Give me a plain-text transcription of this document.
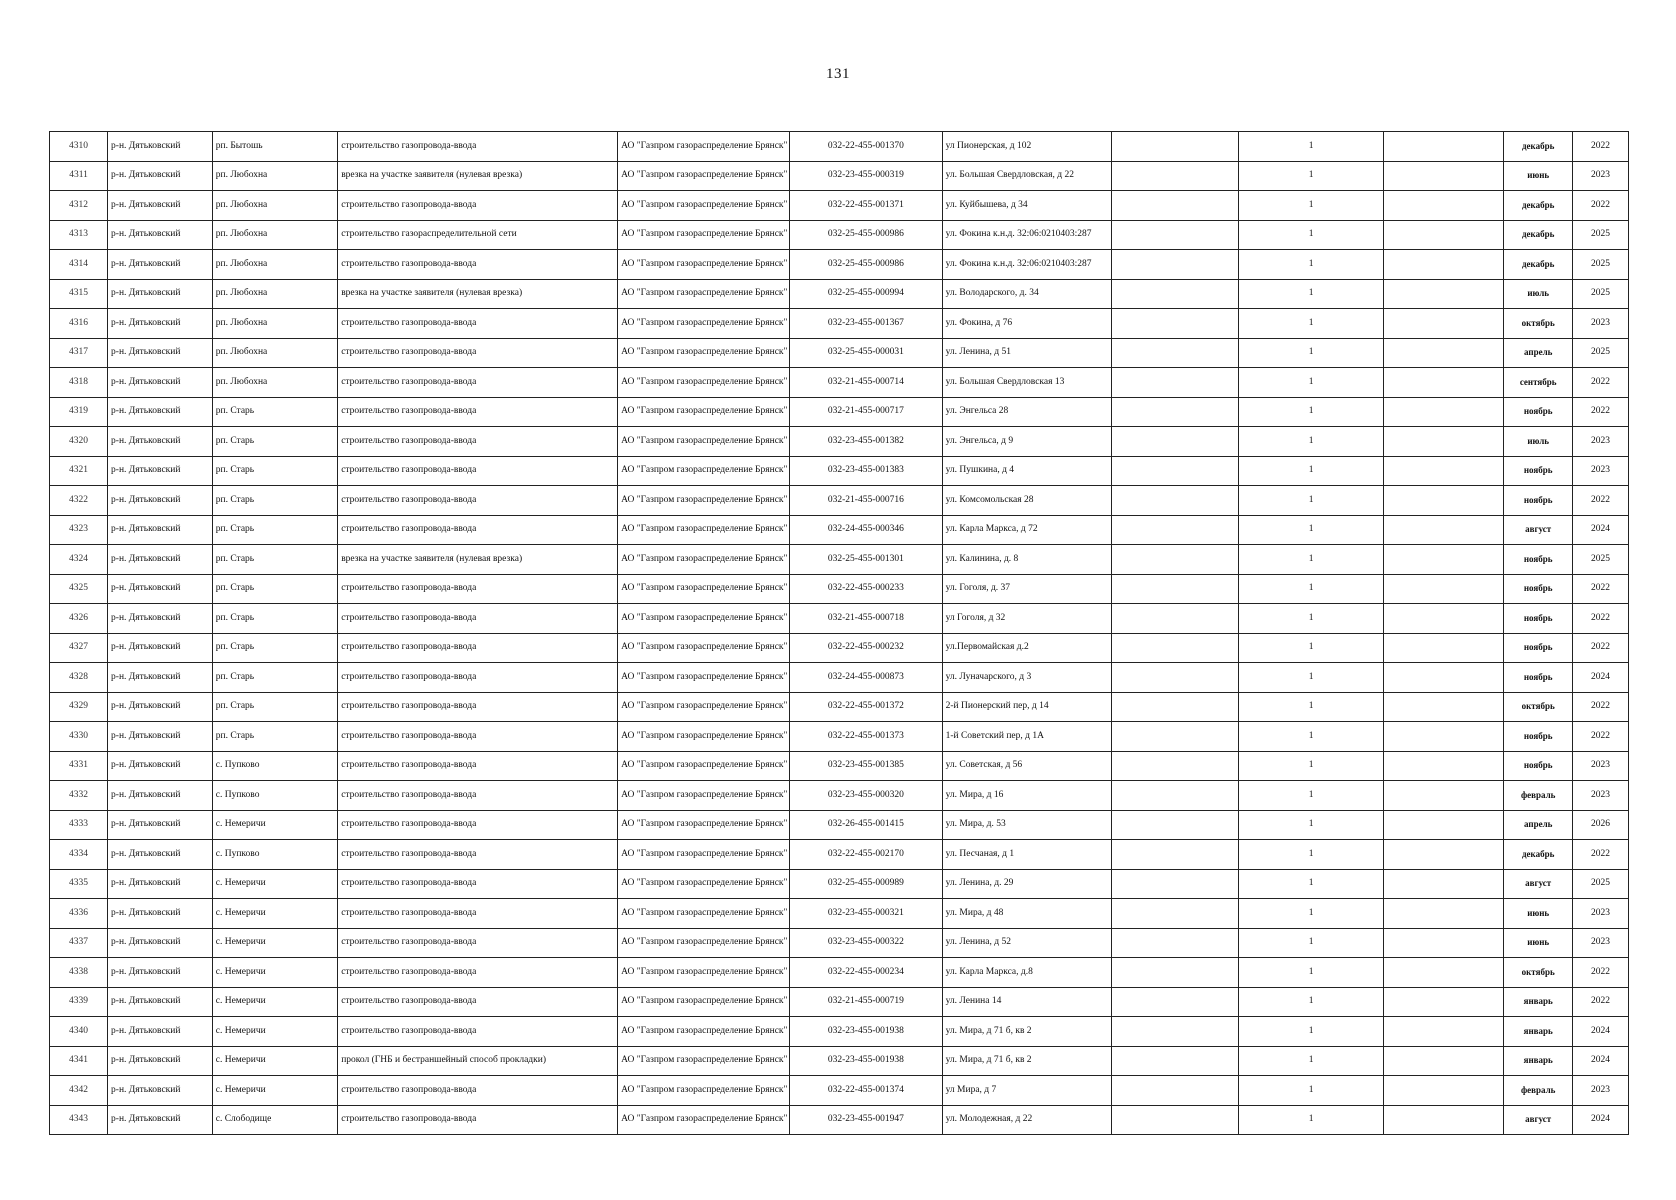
131
4310	р-н. Дятьковский	рп. Бытошь	строительство газопровода-ввода	АО "Газпром газораспределение Брянск"	032-22-455-001370	ул Пионерская, д 102		1		декабрь	2022
4311	р-н. Дятьковский	рп. Любохна	врезка на участке заявителя (нулевая врезка)	АО "Газпром газораспределение Брянск"	032-23-455-000319	ул. Большая Свердловская, д 22		1		июнь	2023
4312	р-н. Дятьковский	рп. Любохна	строительство газопровода-ввода	АО "Газпром газораспределение Брянск"	032-22-455-001371	ул. Куйбышева, д 34		1		декабрь	2022
4313	р-н. Дятьковский	рп. Любохна	строительство газораспределительной сети	АО "Газпром газораспределение Брянск"	032-25-455-000986	ул. Фокина к.н.д. 32:06:0210403:287		1		декабрь	2025
4314	р-н. Дятьковский	рп. Любохна	строительство газопровода-ввода	АО "Газпром газораспределение Брянск"	032-25-455-000986	ул. Фокина к.н.д. 32:06:0210403:287		1		декабрь	2025
4315	р-н. Дятьковский	рп. Любохна	врезка на участке заявителя (нулевая врезка)	АО "Газпром газораспределение Брянск"	032-25-455-000994	ул. Володарского, д. 34		1		июль	2025
4316	р-н. Дятьковский	рп. Любохна	строительство газопровода-ввода	АО "Газпром газораспределение Брянск"	032-23-455-001367	ул. Фокина, д 76		1		октябрь	2023
4317	р-н. Дятьковский	рп. Любохна	строительство газопровода-ввода	АО "Газпром газораспределение Брянск"	032-25-455-000031	ул. Ленина, д 51		1		апрель	2025
4318	р-н. Дятьковский	рп. Любохна	строительство газопровода-ввода	АО "Газпром газораспределение Брянск"	032-21-455-000714	ул. Большая Свердловская 13		1		сентябрь	2022
4319	р-н. Дятьковский	рп. Старь	строительство газопровода-ввода	АО "Газпром газораспределение Брянск"	032-21-455-000717	ул. Энгельса 28		1		ноябрь	2022
4320	р-н. Дятьковский	рп. Старь	строительство газопровода-ввода	АО "Газпром газораспределение Брянск"	032-23-455-001382	ул. Энгельса, д 9		1		июль	2023
4321	р-н. Дятьковский	рп. Старь	строительство газопровода-ввода	АО "Газпром газораспределение Брянск"	032-23-455-001383	ул. Пушкина, д 4		1		ноябрь	2023
4322	р-н. Дятьковский	рп. Старь	строительство газопровода-ввода	АО "Газпром газораспределение Брянск"	032-21-455-000716	ул. Комсомольская 28		1		ноябрь	2022
4323	р-н. Дятьковский	рп. Старь	строительство газопровода-ввода	АО "Газпром газораспределение Брянск"	032-24-455-000346	ул. Карла Маркса, д 72		1		август	2024
4324	р-н. Дятьковский	рп. Старь	врезка на участке заявителя (нулевая врезка)	АО "Газпром газораспределение Брянск"	032-25-455-001301	ул. Калинина, д. 8		1		ноябрь	2025
4325	р-н. Дятьковский	рп. Старь	строительство газопровода-ввода	АО "Газпром газораспределение Брянск"	032-22-455-000233	ул. Гоголя, д. 37		1		ноябрь	2022
4326	р-н. Дятьковский	рп. Старь	строительство газопровода-ввода	АО "Газпром газораспределение Брянск"	032-21-455-000718	ул Гоголя, д 32		1		ноябрь	2022
4327	р-н. Дятьковский	рп. Старь	строительство газопровода-ввода	АО "Газпром газораспределение Брянск"	032-22-455-000232	ул.Первомайская д.2		1		ноябрь	2022
4328	р-н. Дятьковский	рп. Старь	строительство газопровода-ввода	АО "Газпром газораспределение Брянск"	032-24-455-000873	ул. Луначарского, д 3		1		ноябрь	2024
4329	р-н. Дятьковский	рп. Старь	строительство газопровода-ввода	АО "Газпром газораспределение Брянск"	032-22-455-001372	2-й Пионерский пер, д 14		1		октябрь	2022
4330	р-н. Дятьковский	рп. Старь	строительство газопровода-ввода	АО "Газпром газораспределение Брянск"	032-22-455-001373	1-й Советский пер, д 1А		1		ноябрь	2022
4331	р-н. Дятьковский	с. Пупково	строительство газопровода-ввода	АО "Газпром газораспределение Брянск"	032-23-455-001385	ул. Советская, д 56		1		ноябрь	2023
4332	р-н. Дятьковский	с. Пупково	строительство газопровода-ввода	АО "Газпром газораспределение Брянск"	032-23-455-000320	ул. Мира, д 16		1		февраль	2023
4333	р-н. Дятьковский	с. Немеричи	строительство газопровода-ввода	АО "Газпром газораспределение Брянск"	032-26-455-001415	ул. Мира, д. 53		1		апрель	2026
4334	р-н. Дятьковский	с. Пупково	строительство газопровода-ввода	АО "Газпром газораспределение Брянск"	032-22-455-002170	ул. Песчаная, д 1		1		декабрь	2022
4335	р-н. Дятьковский	с. Немеричи	строительство газопровода-ввода	АО "Газпром газораспределение Брянск"	032-25-455-000989	ул. Ленина, д. 29		1		август	2025
4336	р-н. Дятьковский	с. Немеричи	строительство газопровода-ввода	АО "Газпром газораспределение Брянск"	032-23-455-000321	ул. Мира, д 48		1		июнь	2023
4337	р-н. Дятьковский	с. Немеричи	строительство газопровода-ввода	АО "Газпром газораспределение Брянск"	032-23-455-000322	ул. Ленина, д 52		1		июнь	2023
4338	р-н. Дятьковский	с. Немеричи	строительство газопровода-ввода	АО "Газпром газораспределение Брянск"	032-22-455-000234	ул. Карла Маркса, д.8		1		октябрь	2022
4339	р-н. Дятьковский	с. Немеричи	строительство газопровода-ввода	АО "Газпром газораспределение Брянск"	032-21-455-000719	ул. Ленина 14		1		январь	2022
4340	р-н. Дятьковский	с. Немеричи	строительство газопровода-ввода	АО "Газпром газораспределение Брянск"	032-23-455-001938	ул. Мира, д 71 б, кв 2		1		январь	2024
4341	р-н. Дятьковский	с. Немеричи	прокол (ГНБ и бестраншейный способ прокладки)	АО "Газпром газораспределение Брянск"	032-23-455-001938	ул. Мира, д 71 б, кв 2		1		январь	2024
4342	р-н. Дятьковский	с. Немеричи	строительство газопровода-ввода	АО "Газпром газораспределение Брянск"	032-22-455-001374	ул Мира, д 7		1		февраль	2023
4343	р-н. Дятьковский	с. Слободище	строительство газопровода-ввода	АО "Газпром газораспределение Брянск"	032-23-455-001947	ул. Молодежная, д 22		1		август	2024
